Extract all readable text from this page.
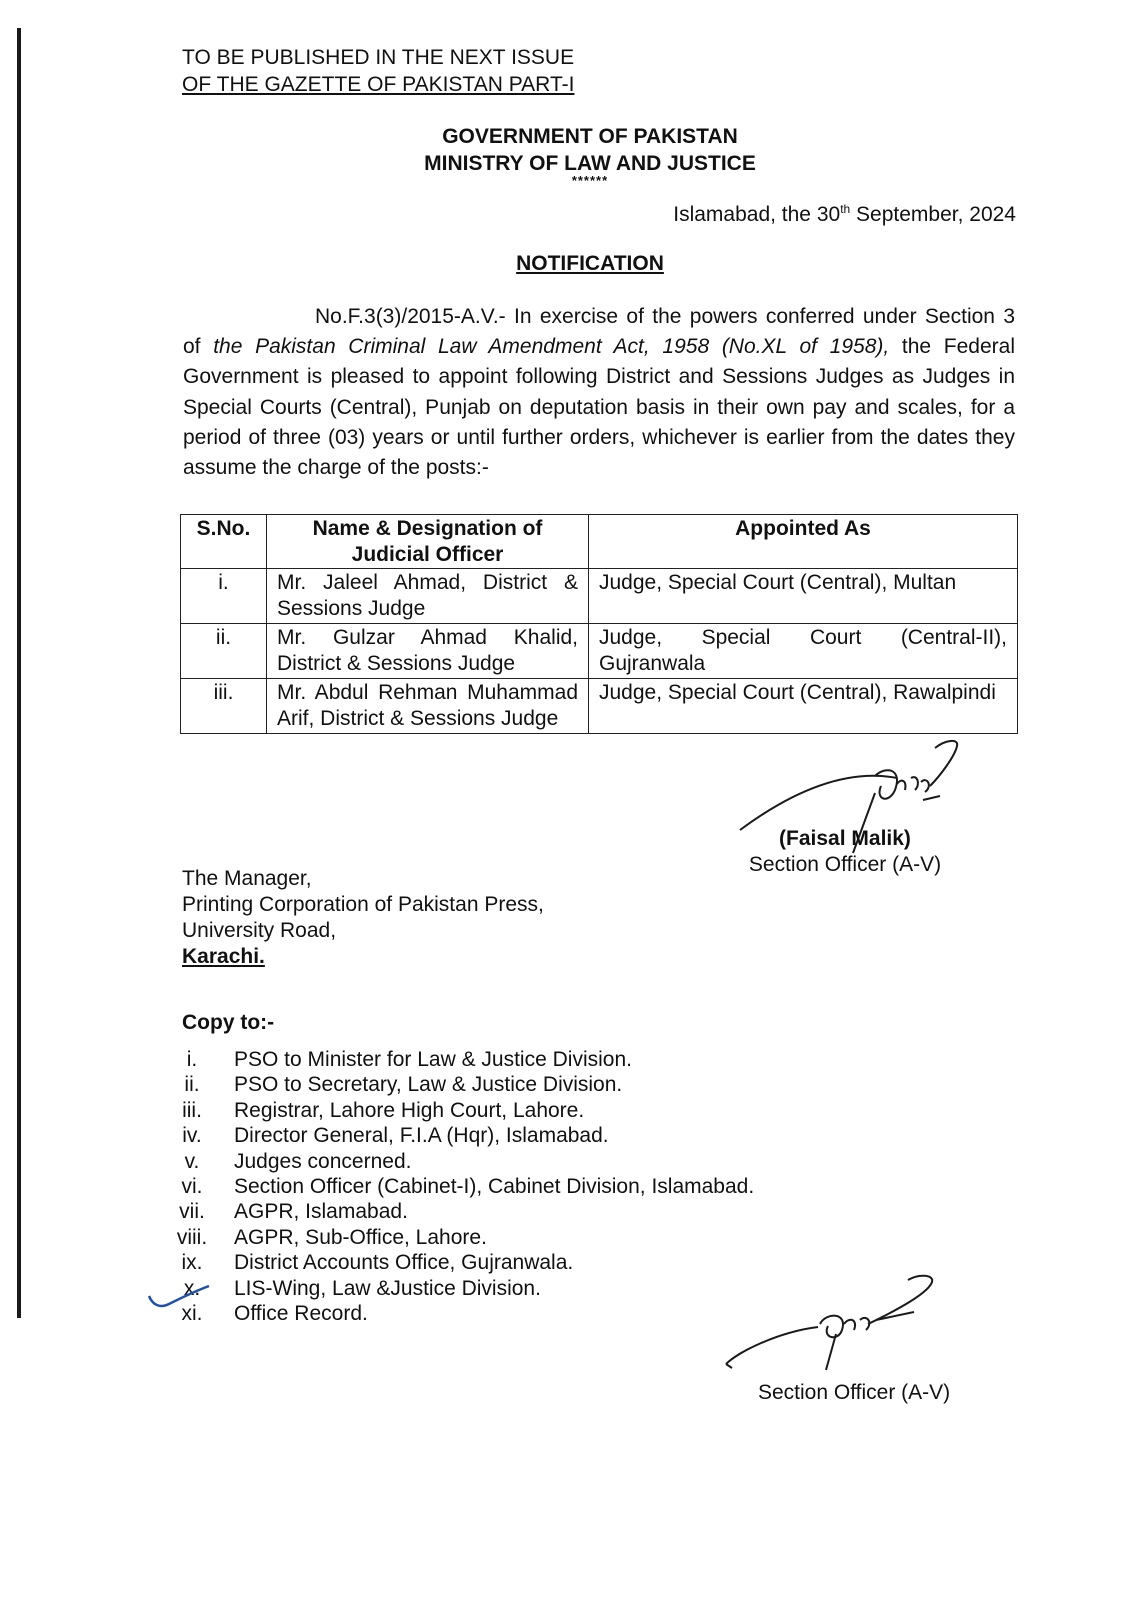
TO BE PUBLISHED IN THE NEXT ISSUE
OF THE GAZETTE OF PAKISTAN PART-I
GOVERNMENT OF PAKISTAN
MINISTRY OF LAW AND JUSTICE
******
Islamabad, the 30th September, 2024
NOTIFICATION
No.F.3(3)/2015-A.V.- In exercise of the powers conferred under Section 3 of the Pakistan Criminal Law Amendment Act, 1958 (No.XL of 1958), the Federal Government is pleased to appoint following District and Sessions Judges as Judges in Special Courts (Central), Punjab on deputation basis in their own pay and scales, for a period of three (03) years or until further orders, whichever is earlier from the dates they assume the charge of the posts:-
S.No.	Name & Designation of Judicial Officer	Appointed As
i.	Mr. Jaleel Ahmad, District & Sessions Judge	Judge, Special Court (Central), Multan
ii.	Mr. Gulzar Ahmad Khalid, District & Sessions Judge	Judge, Special Court (Central-II), Gujranwala
iii.	Mr. Abdul Rehman Muhammad Arif, District & Sessions Judge	Judge, Special Court (Central), Rawalpindi
(Faisal Malik)
Section Officer (A-V)
The Manager,
Printing Corporation of Pakistan Press,
University Road,
Karachi.
Copy to:-
i.	PSO to Minister for Law & Justice Division.
ii.	PSO to Secretary, Law & Justice Division.
iii.	Registrar, Lahore High Court, Lahore.
iv.	Director General, F.I.A (Hqr), Islamabad.
v.	Judges concerned.
vi.	Section Officer (Cabinet-I), Cabinet Division, Islamabad.
vii.	AGPR, Islamabad.
viii.	AGPR, Sub-Office, Lahore.
ix.	District Accounts Office, Gujranwala.
x.	LIS-Wing, Law &Justice Division.
xi.	Office Record.
Section Officer (A-V)
